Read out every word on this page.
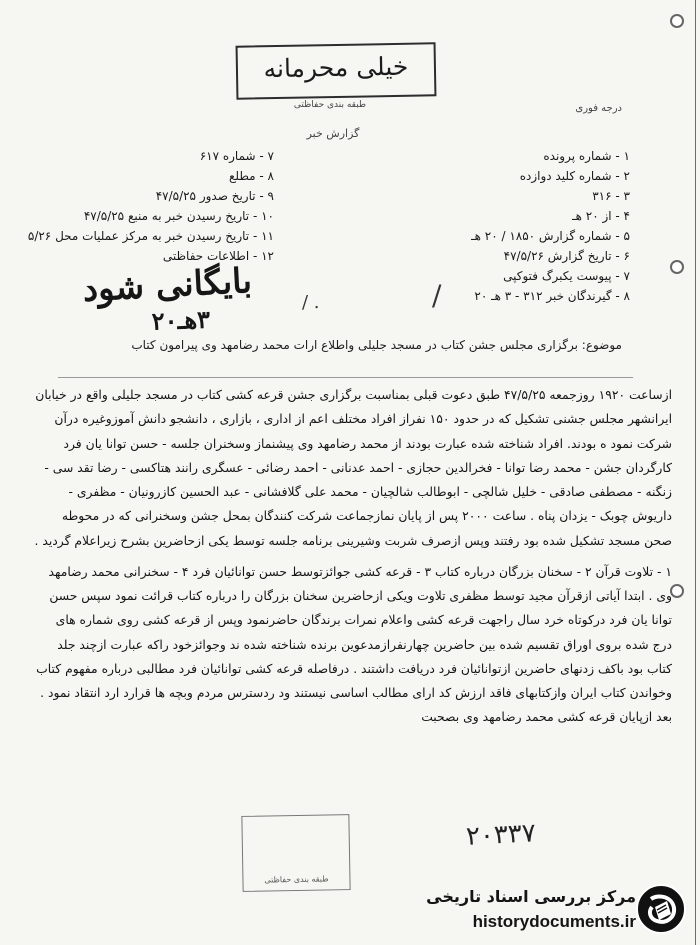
خیلی محرمانه
طبقه بندی حفاظتی	درجه فوری
گزارش خبر
۷ - شماره ۶۱۷
۸ - مطلع
۹ - تاریخ صدور ۴۷/۵/۲۵
۱۰ - تاریخ رسیدن خبر به منبع ۴۷/۵/۲۵
۱۱ - تاریخ رسیدن خبر به مرکز عملیات محل ۵/۲۶
۱۲ - اطلاعات حفاظتی
۱ - شماره پرونده
۲ - شماره کلید دوازده
۳ - ۳۱۶
۴ - از ۲۰ هـ
۵ - شماره گزارش ۱۸۵۰ / ۲۰ هـ
۶ - تاریخ گزارش ۴۷/۵/۲۶
۷ - پیوست یکبرگ فتوکپی
۸ - گیرندگان خبر ۳۱۲ - ۳ هـ ۲۰
بایگانی شود
۳هـ۲۰
/‌ .	/
موضوع: برگزاری مجلس جشن کتاب در مسجد جلیلی واطلاع ارات محمد رضامهد وی پیرامون کتاب

ازساعت ۱۹۲۰ روزجمعه ۴۷/۵/۲۵ طبق دعوت قبلی بمناسبت برگزاری جشن قرعه کشی کتاب در مسجد جلیلی واقع در خیابان ایرانشهر مجلس جشنی تشکیل که در حدود ۱۵۰ نفراز افراد مختلف اعم از ادارى ، بازاری ، دانشجو دانش آموزوغیره درآن شرکت نمود ه بودند. افراد شناخته شده عبارت بودند از محمد رضامهد وی پیشنماز وسخنران جلسه - حسن توانا یان فرد کارگردان جشن - محمد رضا توانا - فخرالدین حجازی - احمد عدنانی - احمد رضائی - عسگری رانند هتاکسی - رضا تقد سی - زنگنه - مصطفی صادقی - خلیل شالچی - ابوطالب شالچیان - محمد علی گلافشانی - عبد الحسین کازرونیان - مظفری - داریوش چوبک - یزدان پناه . ساعت ۲۰۰۰ پس از پایان نمازجماعت شرکت کنندگان بمحل جشن وسخنرانی که در محوطه صحن مسجد تشکیل شده بود رفتند وپس ازصرف شربت وشیرینی برنامه جلسه توسط یکی ازحاضرین بشرح زیراعلام گردید .

۱ - تلاوت قرآن ۲ - سخنان بزرگان درباره کتاب ۳ - قرعه کشی جوائزتوسط حسن توانائیان فرد ۴ - سخنرانی محمد رضامهد وی . ابتدا آیاتی ازقرآن مجید توسط مظفری تلاوت ویکی ازحاضرین سخنان بزرگان را درباره کتاب قرائت نمود سپس حسن توانا یان فرد درکوتاه خرد سال راجهت قرعه کشی واعلام نمرات برندگان حاضرنمود وپس از قرعه کشی روی شماره های درج شده بروی اوراق تقسیم شده بین حاضرین چهارنفرازمدعوین برنده شناخته شده ند وجوائزخود راکه عبارت ازچند جلد کتاب بود باکف زدنهای حاضرین ازتوانائیان فرد دریافت داشتند . درفاصله قرعه کشی توانائیان فرد مطالبی درباره مفهوم کتاب وخواندن کتاب ایران وازکتابهای فاقد ارزش کد ارای مطالب اساسی نیستند ود ردسترس مردم وبچه ها قرارد ارد انتقاد نمود . بعد ازپایان قرعه کشی محمد رضامهد وی بصحبت

طبقه بندی حفاظتی
۲۰۳۳۷
مرکز بررسی اسناد تاریخی
historydocuments.ir
